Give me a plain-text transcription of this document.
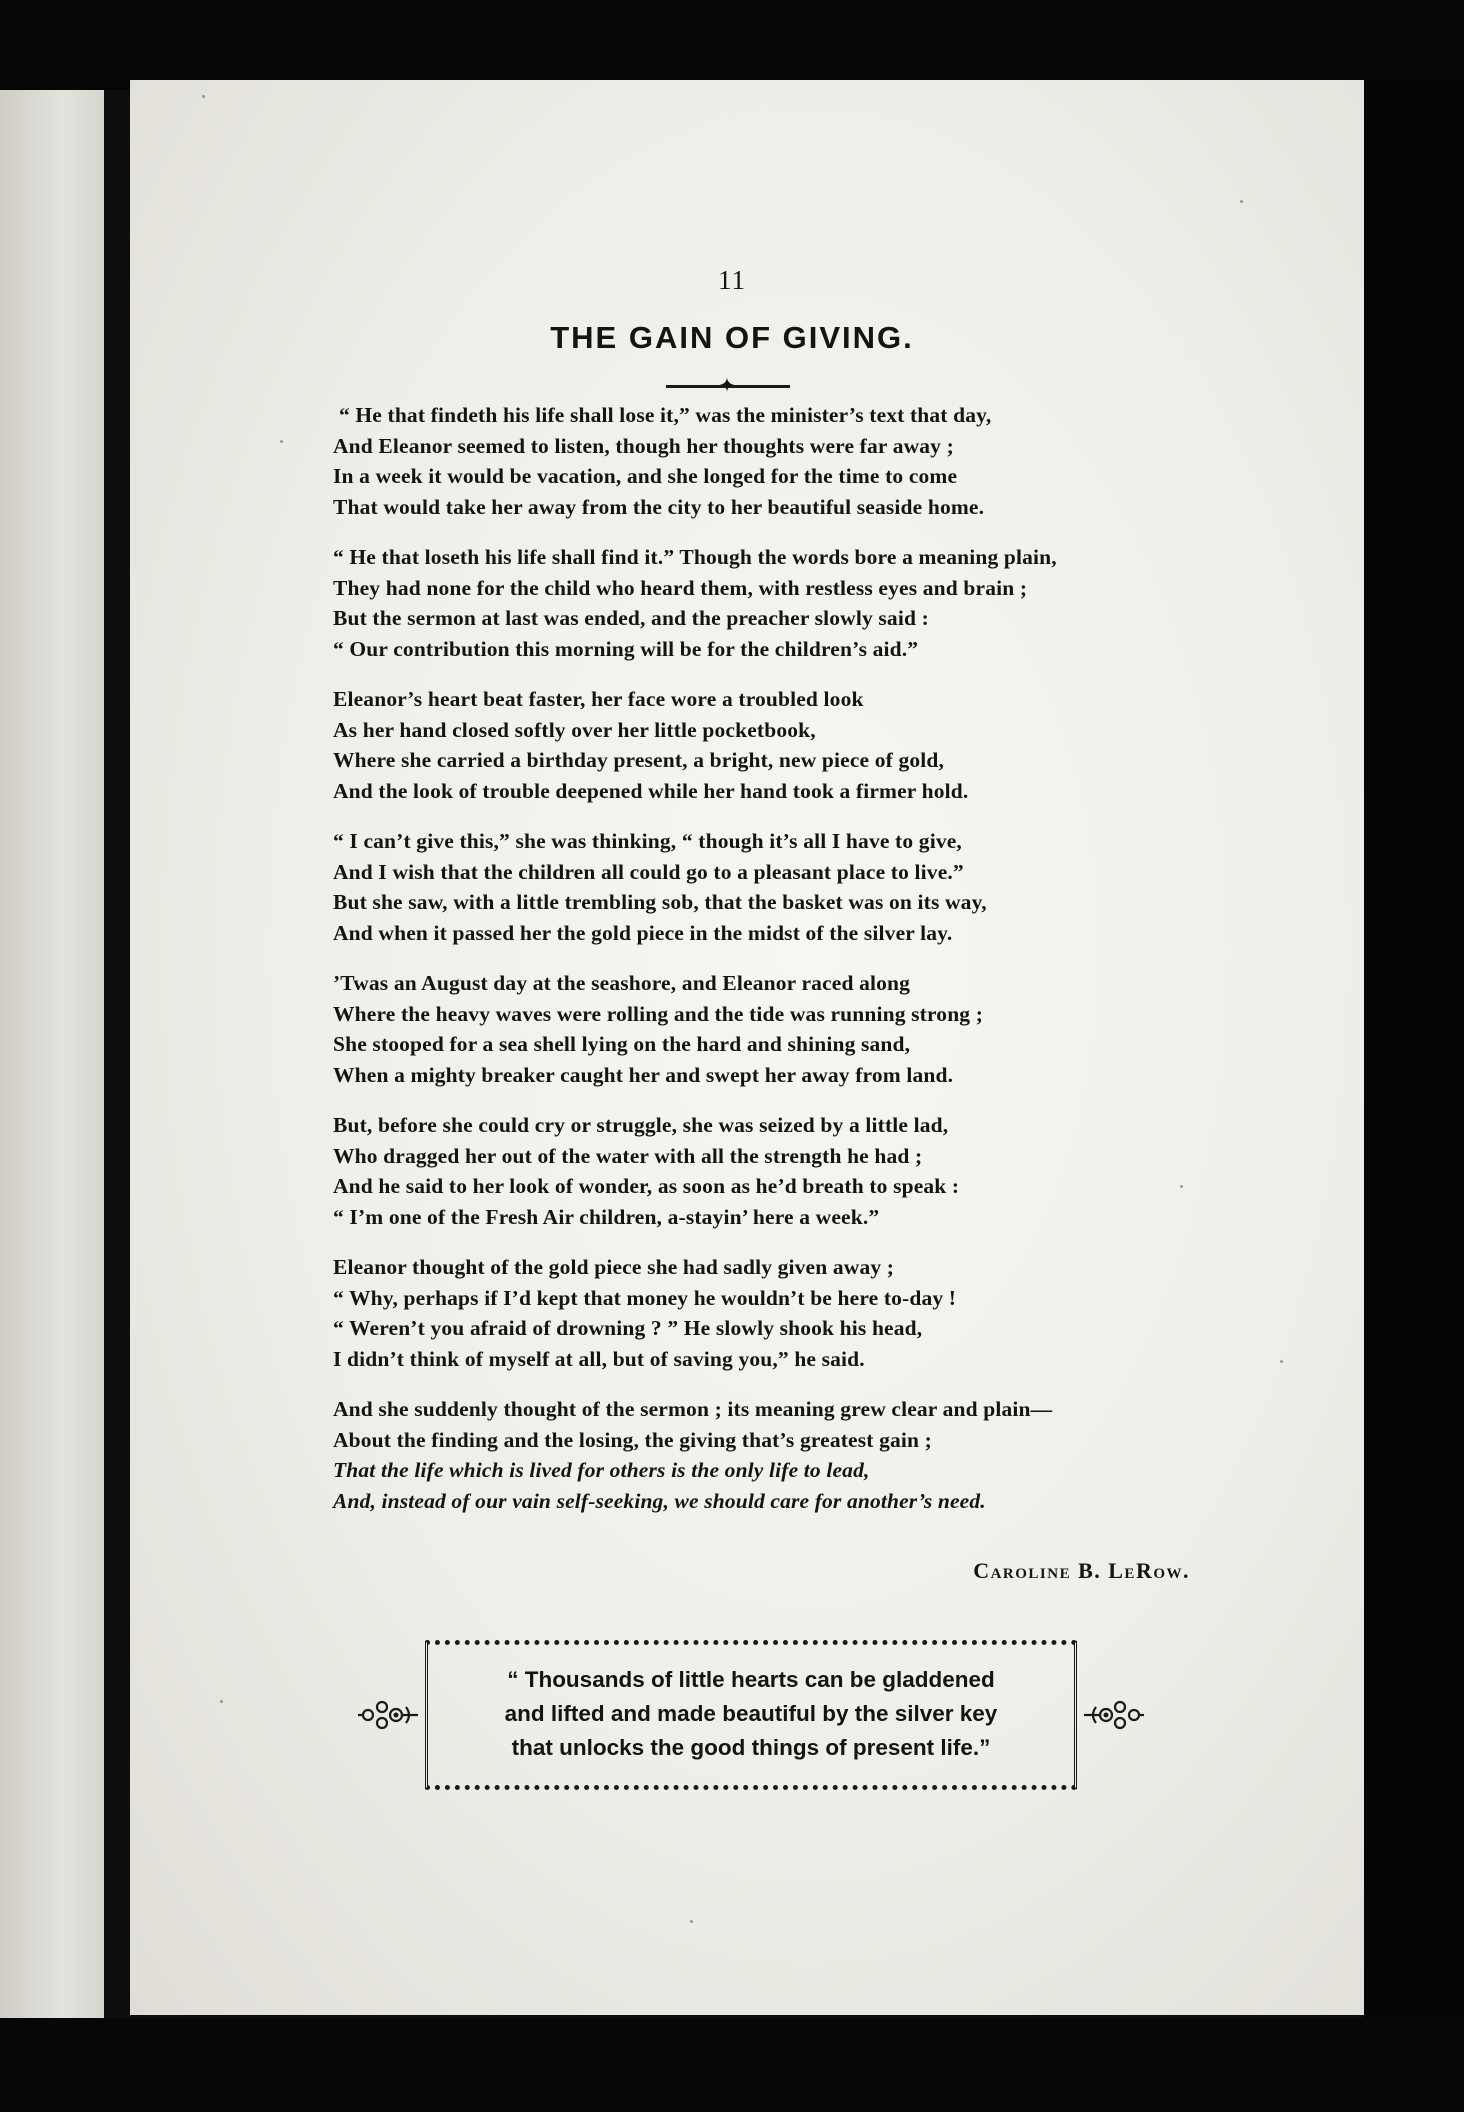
11
THE GAIN OF GIVING.
✦
“ He that findeth his life shall lose it,” was the minister’s text that day,
And Eleanor seemed to listen, though her thoughts were far away ;
In a week it would be vacation, and she longed for the time to come
That would take her away from the city to her beautiful seaside home.
“ He that loseth his life shall find it.” Though the words bore a meaning plain,
They had none for the child who heard them, with restless eyes and brain ;
But the sermon at last was ended, and the preacher slowly said :
“ Our contribution this morning will be for the children’s aid.”
Eleanor’s heart beat faster, her face wore a troubled look
As her hand closed softly over her little pocketbook,
Where she carried a birthday present, a bright, new piece of gold,
And the look of trouble deepened while her hand took a firmer hold.
“ I can’t give this,” she was thinking, “ though it’s all I have to give,
And I wish that the children all could go to a pleasant place to live.”
But she saw, with a little trembling sob, that the basket was on its way,
And when it passed her the gold piece in the midst of the silver lay.
’Twas an August day at the seashore, and Eleanor raced along
Where the heavy waves were rolling and the tide was running strong ;
She stooped for a sea shell lying on the hard and shining sand,
When a mighty breaker caught her and swept her away from land.
But, before she could cry or struggle, she was seized by a little lad,
Who dragged her out of the water with all the strength he had ;
And he said to her look of wonder, as soon as he’d breath to speak :
“ I’m one of the Fresh Air children, a-stayin’ here a week.”
Eleanor thought of the gold piece she had sadly given away ;
“ Why, perhaps if I’d kept that money he wouldn’t be here to-day !
“ Weren’t you afraid of drowning ? ” He slowly shook his head,
I didn’t think of myself at all, but of saving you,” he said.
And she suddenly thought of the sermon ; its meaning grew clear and plain—
About the finding and the losing, the giving that’s greatest gain ;
That the life which is lived for others is the only life to lead,
And, instead of our vain self-seeking, we should care for another’s need.
Caroline B. LeRow.
“ Thousands of little hearts can be gladdened
and lifted and made beautiful by the silver key
that unlocks the good things of present life.”
